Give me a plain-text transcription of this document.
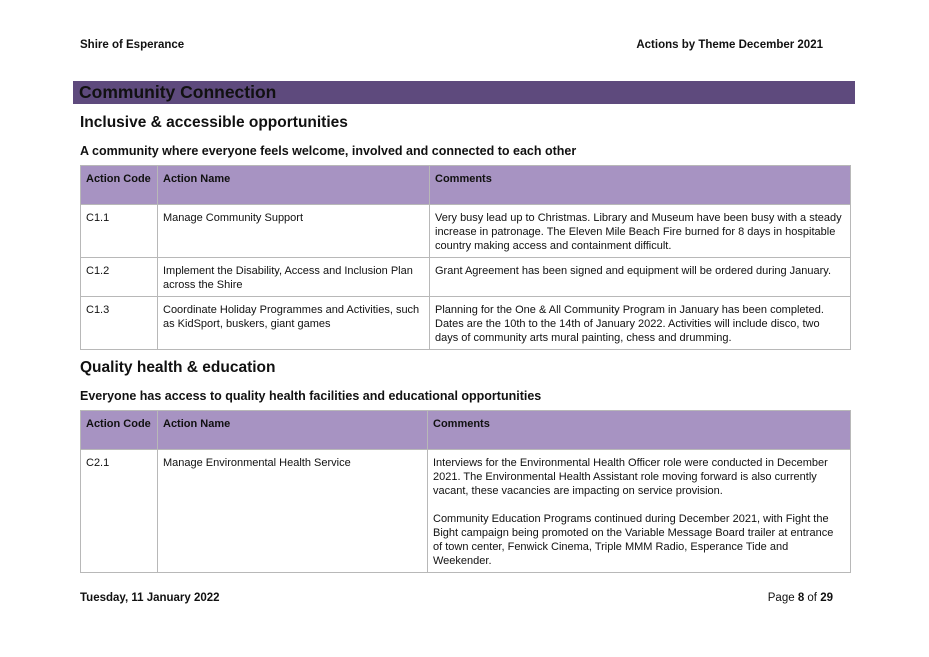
Shire of Esperance	Actions by Theme December 2021
Community Connection
Inclusive & accessible opportunities
A community where everyone feels welcome, involved and connected to each other
Action Code	Action Name	Comments
C1.1	Manage Community Support	Very busy lead up to Christmas. Library and Museum have been busy with a steady increase in patronage. The Eleven Mile Beach Fire burned for 8 days in hospitable country making access and containment difficult.
C1.2	Implement the Disability, Access and Inclusion Plan across the Shire	Grant Agreement has been signed and equipment will be ordered during January.
C1.3	Coordinate Holiday Programmes and Activities, such as KidSport, buskers, giant games	Planning for the One & All Community Program in January has been completed. Dates are the 10th to the 14th of January 2022. Activities will include disco, two days of community arts mural painting, chess and drumming.
Quality health & education
Everyone has access to quality health facilities and educational opportunities
Action Code	Action Name	Comments
C2.1	Manage Environmental Health Service	Interviews for the Environmental Health Officer role were conducted in December 2021. The Environmental Health Assistant role moving forward is also currently vacant, these vacancies are impacting on service provision.
Community Education Programs continued during December 2021, with Fight the Bight campaign being promoted on the Variable Message Board trailer at entrance of town center, Fenwick Cinema, Triple MMM Radio, Esperance Tide and Weekender.
Tuesday, 11 January 2022	Page 8 of 29
